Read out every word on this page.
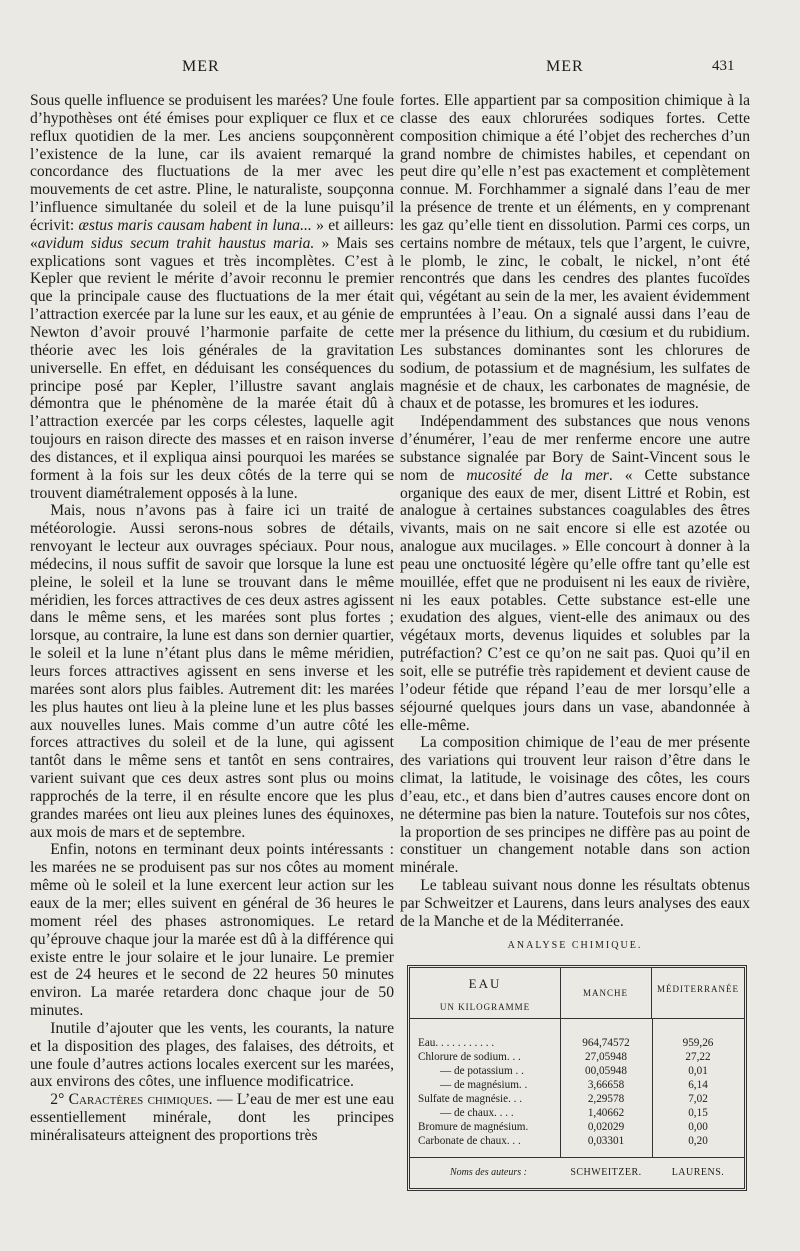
MER	MER	431

Sous quelle influence se produisent les marées? Une foule d’hypothèses ont été émises pour expliquer ce flux et ce reflux quotidien de la mer. Les anciens soupçonnèrent l’existence de la lune, car ils avaient remarqué la concordance des fluctuations de la mer avec les mouvements de cet astre. Pline, le naturaliste, soupçonna l’influence simultanée du soleil et de la lune puisqu’il écrivit: æstus maris causam habent in luna... » et ailleurs: «avidum sidus secum trahit haustus maria. » Mais ses explications sont vagues et très incomplètes. C’est à Kepler que revient le mérite d’avoir reconnu le premier que la principale cause des fluctuations de la mer était l’attraction exercée par la lune sur les eaux, et au génie de Newton d’avoir prouvé l’harmonie parfaite de cette théorie avec les lois générales de la gravitation universelle. En effet, en déduisant les conséquences du principe posé par Kepler, l’illustre savant anglais démontra que le phénomène de la marée était dû à l’attraction exercée par les corps célestes, laquelle agit toujours en raison directe des masses et en raison inverse des distances, et il expliqua ainsi pourquoi les marées se forment à la fois sur les deux côtés de la terre qui se trouvent diamétralement opposés à la lune.

Mais, nous n’avons pas à faire ici un traité de météorologie. Aussi serons-nous sobres de détails, renvoyant le lecteur aux ouvrages spéciaux. Pour nous, médecins, il nous suffit de savoir que lorsque la lune est pleine, le soleil et la lune se trouvant dans le même méridien, les forces attractives de ces deux astres agissent dans le même sens, et les marées sont plus fortes ; lorsque, au contraire, la lune est dans son dernier quartier, le soleil et la lune n’étant plus dans le même méridien, leurs forces attractives agissent en sens inverse et les marées sont alors plus faibles. Autrement dit: les marées les plus hautes ont lieu à la pleine lune et les plus basses aux nouvelles lunes. Mais comme d’un autre côté les forces attractives du soleil et de la lune, qui agissent tantôt dans le même sens et tantôt en sens contraires, varient suivant que ces deux astres sont plus ou moins rapprochés de la terre, il en résulte encore que les plus grandes marées ont lieu aux pleines lunes des équinoxes, aux mois de mars et de septembre.

Enfin, notons en terminant deux points intéressants : les marées ne se produisent pas sur nos côtes au moment même où le soleil et la lune exercent leur action sur les eaux de la mer; elles suivent en général de 36 heures le moment réel des phases astronomiques. Le retard qu’éprouve chaque jour la marée est dû à la différence qui existe entre le jour solaire et le jour lunaire. Le premier est de 24 heures et le second de 22 heures 50 minutes environ. La marée retardera donc chaque jour de 50 minutes.

Inutile d’ajouter que les vents, les courants, la nature et la disposition des plages, des falaises, des détroits, et une foule d’autres actions locales exercent sur les marées, aux environs des côtes, une influence modificatrice.

2° Caractères chimiques. — L’eau de mer est une eau essentiellement minérale, dont les principes minéralisateurs atteignent des proportions très

fortes. Elle appartient par sa composition chimique à la classe des eaux chlorurées sodiques fortes. Cette composition chimique a été l’objet des recherches d’un grand nombre de chimistes habiles, et cependant on peut dire qu’elle n’est pas exactement et complètement connue. M. Forchhammer a signalé dans l’eau de mer la présence de trente et un éléments, en y comprenant les gaz qu’elle tient en dissolution. Parmi ces corps, un certains nombre de métaux, tels que l’argent, le cuivre, le plomb, le zinc, le cobalt, le nickel, n’ont été rencontrés que dans les cendres des plantes fucoïdes qui, végétant au sein de la mer, les avaient évidemment empruntées à l’eau. On a signalé aussi dans l’eau de mer la présence du lithium, du cœsium et du rubidium. Les substances dominantes sont les chlorures de sodium, de potassium et de magnésium, les sulfates de magnésie et de chaux, les carbonates de magnésie, de chaux et de potasse, les bromures et les iodures.

Indépendamment des substances que nous venons d’énumérer, l’eau de mer renferme encore une autre substance signalée par Bory de Saint-Vincent sous le nom de mucosité de la mer. « Cette substance organique des eaux de mer, disent Littré et Robin, est analogue à certaines substances coagulables des êtres vivants, mais on ne sait encore si elle est azotée ou analogue aux mucilages. » Elle concourt à donner à la peau une onctuosité légère qu’elle offre tant qu’elle est mouillée, effet que ne produisent ni les eaux de rivière, ni les eaux potables. Cette substance est-elle une exudation des algues, vient-elle des animaux ou des végétaux morts, devenus liquides et solubles par la putréfaction? C’est ce qu’on ne sait pas. Quoi qu’il en soit, elle se putréfie très rapidement et devient cause de l’odeur fétide que répand l’eau de mer lorsqu’elle a séjourné quelques jours dans un vase, abandonnée à elle-même.

La composition chimique de l’eau de mer présente des variations qui trouvent leur raison d’être dans le climat, la latitude, le voisinage des côtes, les cours d’eau, etc., et dans bien d’autres causes encore dont on ne détermine pas bien la nature. Toutefois sur nos côtes, la proportion de ses principes ne diffère pas au point de constituer un changement notable dans son action minérale.

Le tableau suivant nous donne les résultats obtenus par Schweitzer et Laurens, dans leurs analyses des eaux de la Manche et de la Méditerranée.

ANALYSE CHIMIQUE.
EAU
UN KILOGRAMME
MANCHE	MÉDITERRANÉE
Eau. . . . . . . . . . .	964,74572	959,26
Chlorure de sodium. . .	27,05948	27,22
— de potassium . .	00,05948	0,01
— de magnésium. .	3,66658	6,14
Sulfate de magnésie. . .	2,29578	7,02
— de chaux. . . .	1,40662	0,15
Bromure de magnésium.	0,02029	0,00
Carbonate de chaux. . .	0,03301	0,20
Noms des auteurs :	SCHWEITZER.	LAURENS.
